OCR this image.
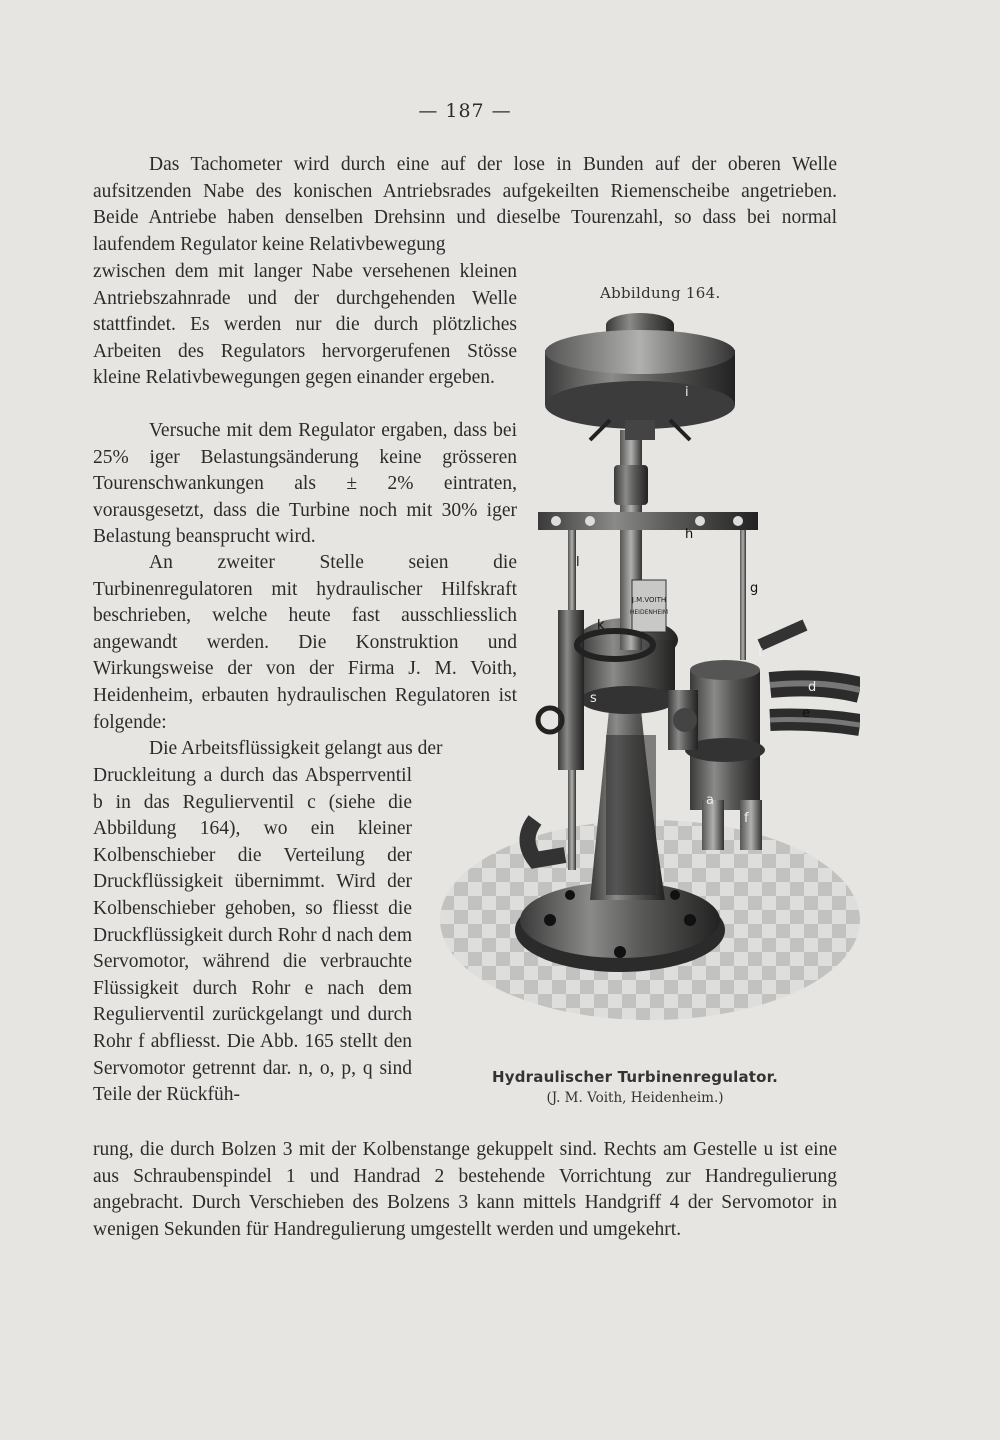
— 187 —

Das Tachometer wird durch eine auf der lose in Bunden auf der oberen Welle aufsitzenden Nabe des konischen Antriebsrades aufgekeilten Riemenscheibe angetrieben. Beide Antriebe haben denselben Drehsinn und dieselbe Tourenzahl, so dass bei normal laufendem Regulator keine Relativbewegung

zwischen dem mit langer Nabe versehenen kleinen Antriebszahnrade und der durchgehenden Welle stattfindet. Es werden nur die durch plötzliches Arbeiten des Regulators hervorgerufenen Stösse kleine Relativbewegungen gegen einander ergeben.

Versuche mit dem Regulator ergaben, dass bei 25% iger Belastungsänderung keine grösseren Tourenschwankungen als ± 2% eintraten, vorausgesetzt, dass die Turbine noch mit 30% iger Belastung beansprucht wird.

An zweiter Stelle seien die Turbinenregulatoren mit hydraulischer Hilfskraft beschrieben, welche heute fast ausschliesslich angewandt werden. Die Konstruktion und Wirkungsweise der von der Firma J. M. Voith, Heidenheim, erbauten hydraulischen Regulatoren ist folgende:

Die Arbeitsflüssigkeit gelangt aus der

Druckleitung a durch das Absperrventil b in das Regulierventil c (siehe die Abbildung 164), wo ein kleiner Kolbenschieber die Verteilung der Druckflüssigkeit übernimmt. Wird der Kolbenschieber gehoben, so fliesst die Druckflüssigkeit durch Rohr d nach dem Servomotor, während die verbrauchte Flüssigkeit durch Rohr e nach dem Regulierventil zurückgelangt und durch Rohr f abfliesst. Die Abb. 165 stellt den Servomotor getrennt dar. n, o, p, q sind Teile der Rückfüh-

rung, die durch Bolzen 3 mit der Kolbenstange gekuppelt sind. Rechts am Gestelle u ist eine aus Schraubenspindel 1 und Handrad 2 bestehende Vorrichtung zur Handregulierung angebracht. Durch Verschieben des Bolzens 3 kann mittels Handgriff 4 der Servomotor in wenigen Sekunden für Handregulierung umgestellt werden und umgekehrt.

Abbildung 164.
J.M.VOITH
HEIDENHEIM
i
h
l
g
k
s
t
d
e
a
f
Hydraulischer Turbinenregulator.
(J. M. Voith, Heidenheim.)
